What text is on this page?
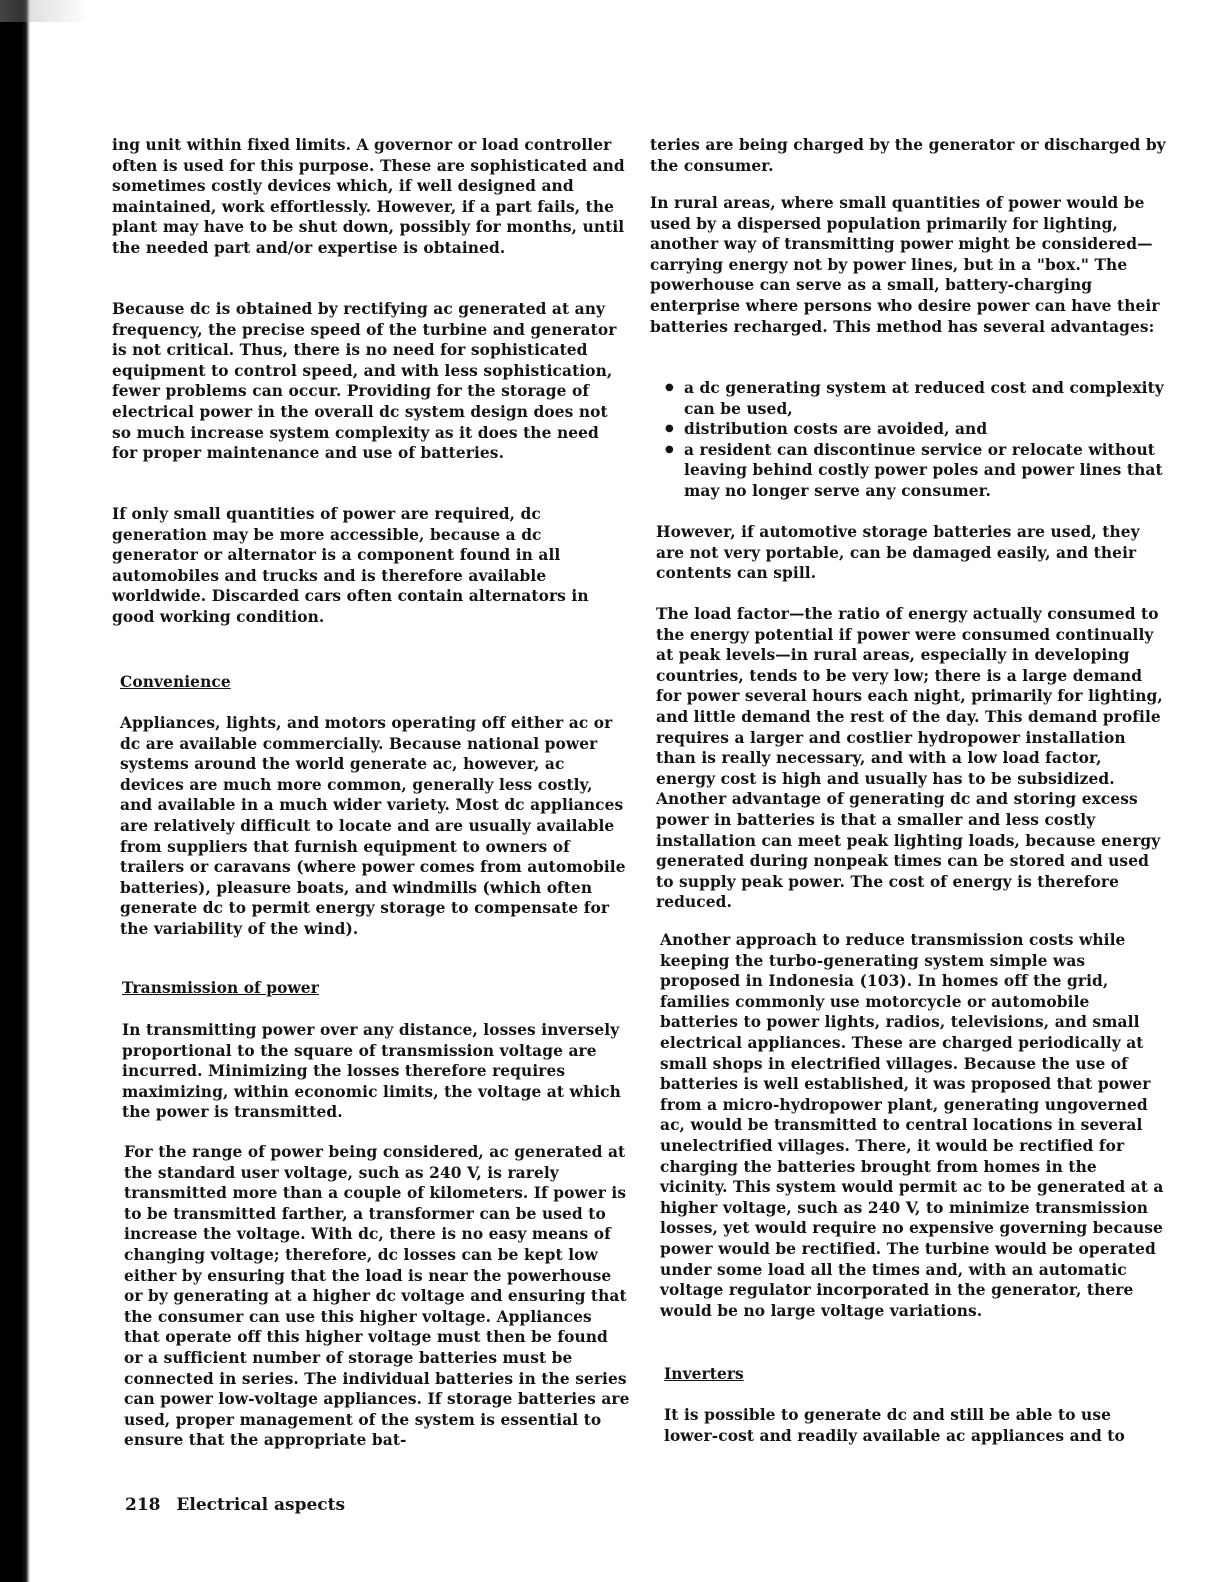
ing unit within fixed limits. A governor or load controller often is used for this purpose. These are sophisticated and sometimes costly devices which, if well designed and maintained, work effortlessly. However, if a part fails, the plant may have to be shut down, possibly for months, until the needed part and/or expertise is obtained.

Because dc is obtained by rectifying ac generated at any frequency, the precise speed of the turbine and generator is not critical. Thus, there is no need for sophisticated equipment to control speed, and with less sophistication, fewer problems can occur. Providing for the storage of electrical power in the overall dc system design does not so much increase system complexity as it does the need for proper maintenance and use of batteries.

If only small quantities of power are required, dc generation may be more accessible, because a dc generator or alternator is a component found in all automobiles and trucks and is therefore available worldwide. Discarded cars often contain alternators in good working condition.

Convenience

Appliances, lights, and motors operating off either ac or dc are available commercially. Because national power systems around the world generate ac, however, ac devices are much more common, generally less costly, and available in a much wider variety. Most dc appliances are relatively difficult to locate and are usually available from suppliers that furnish equipment to owners of trailers or caravans (where power comes from automobile batteries), pleasure boats, and windmills (which often generate dc to permit energy storage to compensate for the variability of the wind).

Transmission of power

In transmitting power over any distance, losses inversely proportional to the square of transmission voltage are incurred. Minimizing the losses therefore requires maximizing, within economic limits, the voltage at which the power is transmitted.

For the range of power being considered, ac generated at the standard user voltage, such as 240 V, is rarely transmitted more than a couple of kilometers. If power is to be transmitted farther, a transformer can be used to increase the voltage. With dc, there is no easy means of changing voltage; therefore, dc losses can be kept low either by ensuring that the load is near the powerhouse or by generating at a higher dc voltage and ensuring that the consumer can use this higher voltage. Appliances that operate off this higher voltage must then be found or a sufficient number of storage batteries must be connected in series. The individual batteries in the series can power low-voltage appliances. If storage batteries are used, proper management of the system is essential to ensure that the appropriate bat-

teries are being charged by the generator or discharged by the consumer.

In rural areas, where small quantities of power would be used by a dispersed population primarily for lighting, another way of transmitting power might be considered—carrying energy not by power lines, but in a "box." The powerhouse can serve as a small, battery-charging enterprise where persons who desire power can have their batteries recharged. This method has several advantages:

● a dc generating system at reduced cost and complexity can be used,
● distribution costs are avoided, and
● a resident can discontinue service or relocate without leaving behind costly power poles and power lines that may no longer serve any consumer.

However, if automotive storage batteries are used, they are not very portable, can be damaged easily, and their contents can spill.

The load factor—the ratio of energy actually consumed to the energy potential if power were consumed continually at peak levels—in rural areas, especially in developing countries, tends to be very low; there is a large demand for power several hours each night, primarily for lighting, and little demand the rest of the day. This demand profile requires a larger and costlier hydropower installation than is really necessary, and with a low load factor, energy cost is high and usually has to be subsidized. Another advantage of generating dc and storing excess power in batteries is that a smaller and less costly installation can meet peak lighting loads, because energy generated during nonpeak times can be stored and used to supply peak power. The cost of energy is therefore reduced.

Another approach to reduce transmission costs while keeping the turbo-generating system simple was proposed in Indonesia (103). In homes off the grid, families commonly use motorcycle or automobile batteries to power lights, radios, televisions, and small electrical appliances. These are charged periodically at small shops in electrified villages. Because the use of batteries is well established, it was proposed that power from a micro-hydropower plant, generating ungoverned ac, would be transmitted to central locations in several unelectrified villages. There, it would be rectified for charging the batteries brought from homes in the vicinity. This system would permit ac to be generated at a higher voltage, such as 240 V, to minimize transmission losses, yet would require no expensive governing because power would be rectified. The turbine would be operated under some load all the times and, with an automatic voltage regulator incorporated in the generator, there would be no large voltage variations.

Inverters

It is possible to generate dc and still be able to use lower-cost and readily available ac appliances and to

218 Electrical aspects
